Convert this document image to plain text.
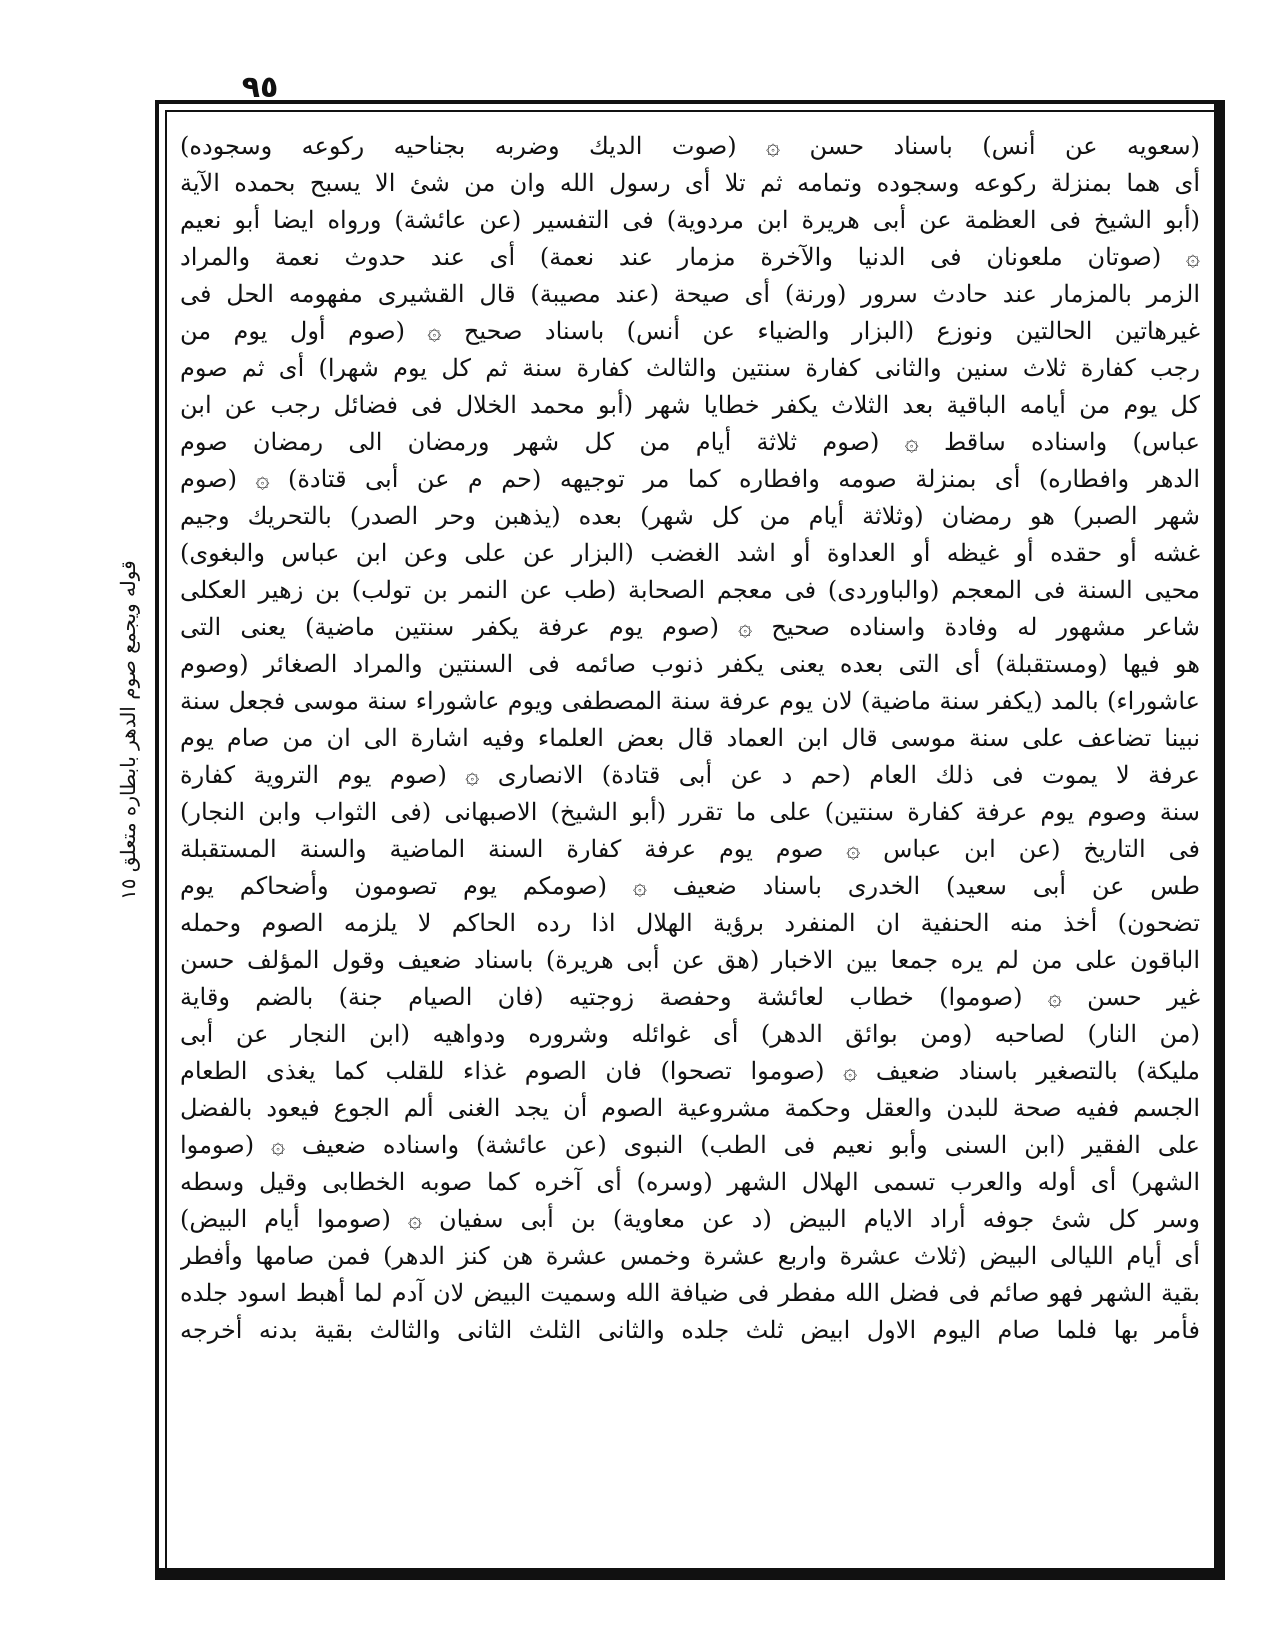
٩٥
قوله ويجمع صوم الدهر بابطاره متعلق ١٥
(سعويه عن أنس) باسناد حسن ۞ (صوت الديك وضربه بجناحيه ركوعه وسجوده)
أى هما بمنزلة ركوعه وسجوده وتمامه ثم تلا أى رسول الله وان من شئ الا يسبح بحمده الآية
(أبو الشيخ فى العظمة عن أبى هريرة ابن مردوية) فى التفسير (عن عائشة) ورواه ايضا أبو نعيم
۞ (صوتان ملعونان فى الدنيا والآخرة مزمار عند نعمة) أى عند حدوث نعمة والمراد
الزمر بالمزمار عند حادث سرور (ورنة) أى صيحة (عند مصيبة) قال القشيرى مفهومه الحل فى
غيرهاتين الحالتين ونوزع (البزار والضياء عن أنس) باسناد صحيح ۞ (صوم أول يوم من
رجب كفارة ثلاث سنين والثانى كفارة سنتين والثالث كفارة سنة ثم كل يوم شهرا) أى ثم صوم
كل يوم من أيامه الباقية بعد الثلاث يكفر خطايا شهر (أبو محمد الخلال فى فضائل رجب عن ابن
عباس) واسناده ساقط ۞ (صوم ثلاثة أيام من كل شهر ورمضان الى رمضان صوم
الدهر وافطاره) أى بمنزلة صومه وافطاره كما مر توجيهه (حم م عن أبى قتادة) ۞ (صوم
شهر الصبر) هو رمضان (وثلاثة أيام من كل شهر) بعده (يذهبن وحر الصدر) بالتحريك وجيم
غشه أو حقده أو غيظه أو العداوة أو اشد الغضب (البزار عن على وعن ابن عباس والبغوى)
محيى السنة فى المعجم (والباوردى) فى معجم الصحابة (طب عن النمر بن تولب) بن زهير العكلى
شاعر مشهور له وفادة واسناده صحيح ۞ (صوم يوم عرفة يكفر سنتين ماضية) يعنى التى
هو فيها (ومستقبلة) أى التى بعده يعنى يكفر ذنوب صائمه فى السنتين والمراد الصغائر (وصوم
عاشوراء) بالمد (يكفر سنة ماضية) لان يوم عرفة سنة المصطفى ويوم عاشوراء سنة موسى فجعل سنة
نبينا تضاعف على سنة موسى قال ابن العماد قال بعض العلماء وفيه اشارة الى ان من صام يوم
عرفة لا يموت فى ذلك العام (حم د عن أبى قتادة) الانصارى ۞ (صوم يوم التروية كفارة
سنة وصوم يوم عرفة كفارة سنتين) على ما تقرر (أبو الشيخ) الاصبهانى (فى الثواب وابن النجار)
فى التاريخ (عن ابن عباس ۞ صوم يوم عرفة كفارة السنة الماضية والسنة المستقبلة
طس عن أبى سعيد) الخدرى باسناد ضعيف ۞ (صومكم يوم تصومون وأضحاكم يوم
تضحون) أخذ منه الحنفية ان المنفرد برؤية الهلال اذا رده الحاكم لا يلزمه الصوم وحمله
الباقون على من لم يره جمعا بين الاخبار (هق عن أبى هريرة) باسناد ضعيف وقول المؤلف حسن
غير حسن ۞ (صوموا) خطاب لعائشة وحفصة زوجتيه (فان الصيام جنة) بالضم وقاية
(من النار) لصاحبه (ومن بوائق الدهر) أى غوائله وشروره ودواهيه (ابن النجار عن أبى
مليكة) بالتصغير باسناد ضعيف ۞ (صوموا تصحوا) فان الصوم غذاء للقلب كما يغذى الطعام
الجسم ففيه صحة للبدن والعقل وحكمة مشروعية الصوم أن يجد الغنى ألم الجوع فيعود بالفضل
على الفقير (ابن السنى وأبو نعيم فى الطب) النبوى (عن عائشة) واسناده ضعيف ۞ (صوموا
الشهر) أى أوله والعرب تسمى الهلال الشهر (وسره) أى آخره كما صوبه الخطابى وقيل وسطه
وسر كل شئ جوفه أراد الايام البيض (د عن معاوية) بن أبى سفيان ۞ (صوموا أيام البيض)
أى أيام الليالى البيض (ثلاث عشرة واربع عشرة وخمس عشرة هن كنز الدهر) فمن صامها وأفطر
بقية الشهر فهو صائم فى فضل الله مفطر فى ضيافة الله وسميت البيض لان آدم لما أهبط اسود جلده
فأمر بها فلما صام اليوم الاول ابيض ثلث جلده والثانى الثلث الثانى والثالث بقية بدنه أخرجه
